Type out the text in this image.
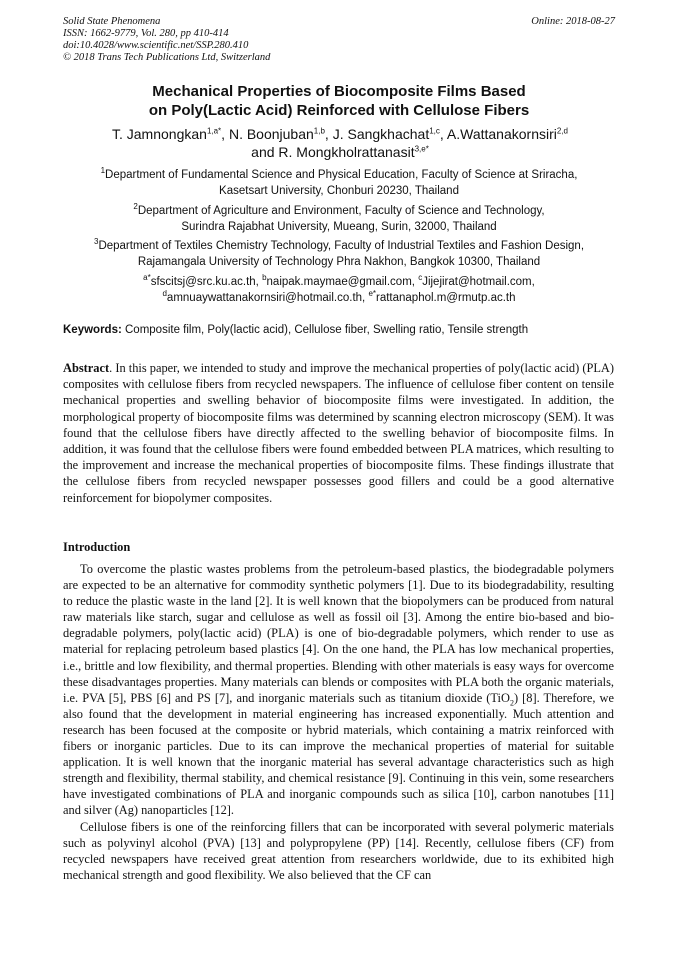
Solid State Phenomena
ISSN: 1662-9779, Vol. 280, pp 410-414
doi:10.4028/www.scientific.net/SSP.280.410
© 2018 Trans Tech Publications Ltd, Switzerland
Online: 2018-08-27
Mechanical Properties of Biocomposite Films Based
on Poly(Lactic Acid) Reinforced with Cellulose Fibers
T. Jamnongkan$^{1,a*}$, N. Boonjuban$^{1,b}$, J. Sangkhachat$^{1,c}$, A.Wattanakornsiri$^{2,d}$
and R. Mongkholrattanasit$^{3,e*}$
$^1$Department of Fundamental Science and Physical Education, Faculty of Science at Sriracha,
Kasetsart University, Chonburi 20230, Thailand
$^2$Department of Agriculture and Environment, Faculty of Science and Technology,
Surindra Rajabhat University, Mueang, Surin, 32000, Thailand
$^3$Department of Textiles Chemistry Technology, Faculty of Industrial Textiles and Fashion Design,
Rajamangala University of Technology Phra Nakhon, Bangkok 10300, Thailand
$^{a*}$sfscitsj@src.ku.ac.th, $^b$naipak.maymae@gmail.com, $^c$Jijejirat@hotmail.com,
$^d$amnuaywattanakornsiri@hotmail.co.th, $^{e*}$rattanaphol.m@rmutp.ac.th
Keywords: Composite film, Poly(lactic acid), Cellulose fiber, Swelling ratio, Tensile strength
Abstract. In this paper, we intended to study and improve the mechanical properties of poly(lactic acid) (PLA) composites with cellulose fibers from recycled newspapers. The influence of cellulose fiber content on tensile mechanical properties and swelling behavior of biocomposite films were investigated. In addition, the morphological property of biocomposite films was determined by scanning electron microscopy (SEM). It was found that the cellulose fibers have directly affected to the swelling behavior of biocomposite films. In addition, it was found that the cellulose fibers were found embedded between PLA matrices, which resulting to the improvement and increase the mechanical properties of biocomposite films. These findings illustrate that the cellulose fibers from recycled newspaper possesses good fillers and could be a good alternative reinforcement for biopolymer composites.
Introduction

To overcome the plastic wastes problems from the petroleum-based plastics, the biodegradable polymers are expected to be an alternative for commodity synthetic polymers [1]. Due to its biodegradability, resulting to reduce the plastic waste in the land [2]. It is well known that the biopolymers can be produced from natural raw materials like starch, sugar and cellulose as well as fossil oil [3]. Among the entire bio-based and bio-degradable polymers, poly(lactic acid) (PLA) is one of bio-degradable polymers, which render to use as material for replacing petroleum based plastics [4]. On the one hand, the PLA has low mechanical properties, i.e., brittle and low flexibility, and thermal properties. Blending with other materials is easy ways for overcome these disadvantages properties. Many materials can blends or composites with PLA both the organic materials, i.e. PVA [5], PBS [6] and PS [7], and inorganic materials such as titanium dioxide (TiO$_2$) [8]. Therefore, we also found that the development in material engineering has increased exponentially. Much attention and research has been focused at the composite or hybrid materials, which containing a matrix reinforced with fibers or inorganic particles. Due to its can improve the mechanical properties of material for suitable application. It is well known that the inorganic material has several advantage characteristics such as high strength and flexibility, thermal stability, and chemical resistance [9]. Continuing in this vein, some researchers have investigated combinations of PLA and inorganic compounds such as silica [10], carbon nanotubes [11] and silver (Ag) nanoparticles [12].

Cellulose fibers is one of the reinforcing fillers that can be incorporated with several polymeric materials such as polyvinyl alcohol (PVA) [13] and polypropylene (PP) [14]. Recently, cellulose fibers (CF) from recycled newspapers have received great attention from researchers worldwide, due to its exhibited high mechanical strength and good flexibility. We also believed that the CF can
